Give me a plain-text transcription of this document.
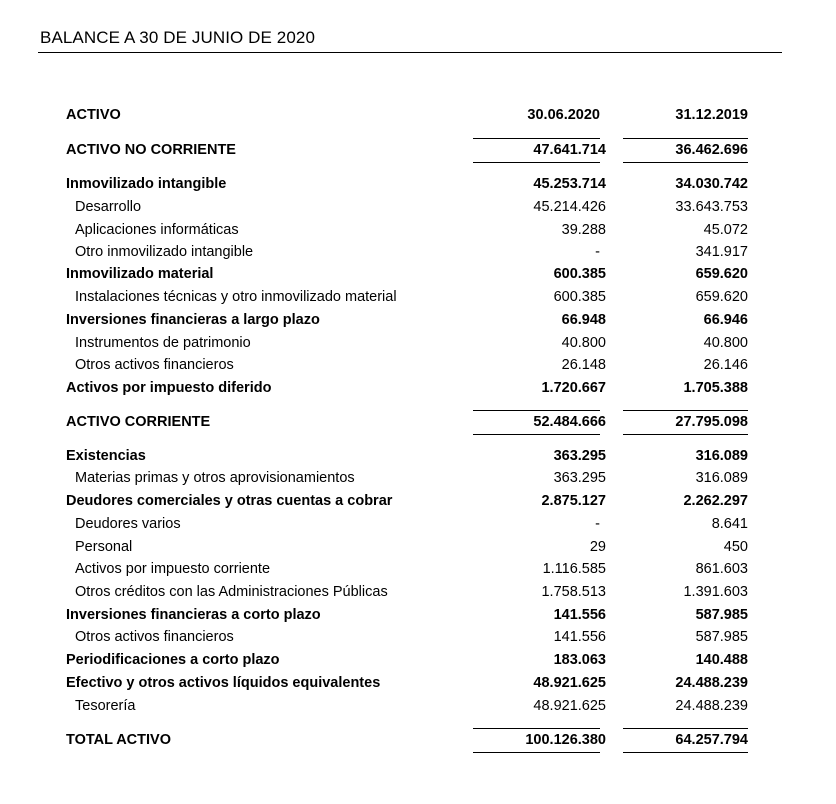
BALANCE A 30 DE JUNIO DE 2020
ACTIVO	30.06.2020	31.12.2019
ACTIVO NO CORRIENTE	47.641.714	36.462.696
Inmovilizado intangible	45.253.714	34.030.742
Desarrollo	45.214.426	33.643.753
Aplicaciones informáticas	39.288	45.072
Otro inmovilizado intangible	-	341.917
Inmovilizado material	600.385	659.620
Instalaciones técnicas y otro inmovilizado material	600.385	659.620
Inversiones financieras a largo plazo	66.948	66.946
Instrumentos de patrimonio	40.800	40.800
Otros activos financieros	26.148	26.146
Activos por impuesto diferido	1.720.667	1.705.388
ACTIVO CORRIENTE	52.484.666	27.795.098
Existencias	363.295	316.089
Materias primas y otros aprovisionamientos	363.295	316.089
Deudores comerciales y otras cuentas a cobrar	2.875.127	2.262.297
Deudores varios	-	8.641
Personal	29	450
Activos por impuesto corriente	1.116.585	861.603
Otros créditos con las Administraciones Públicas	1.758.513	1.391.603
Inversiones financieras a corto plazo	141.556	587.985
Otros activos financieros	141.556	587.985
Periodificaciones a corto plazo	183.063	140.488
Efectivo y otros activos líquidos equivalentes	48.921.625	24.488.239
Tesorería	48.921.625	24.488.239
TOTAL ACTIVO	100.126.380	64.257.794
